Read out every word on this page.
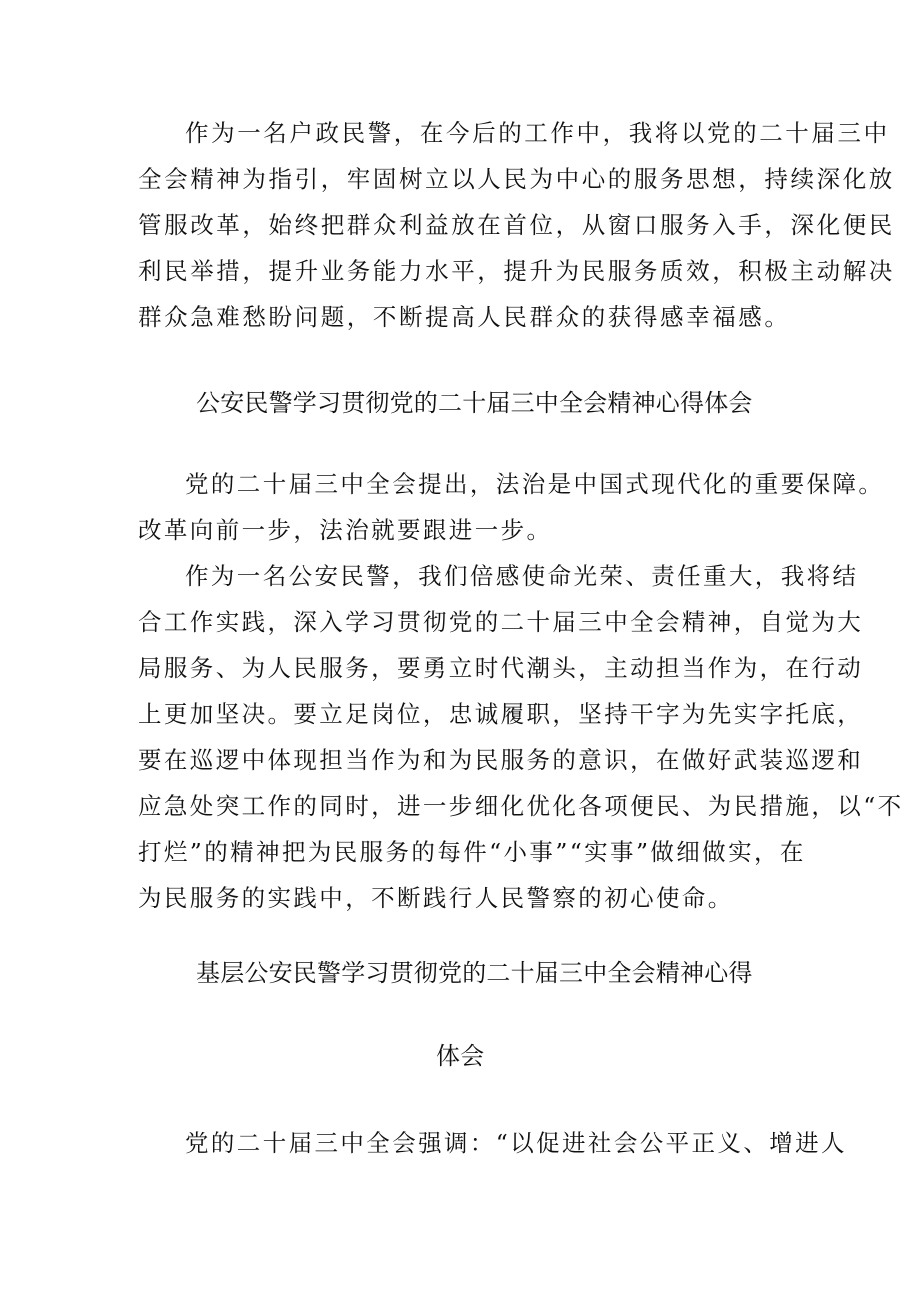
作为一名户政民警，在今后的工作中，我将以党的二十届三中
全会精神为指引，牢固树立以人民为中心的服务思想，持续深化放
管服改革，始终把群众利益放在首位，从窗口服务入手，深化便民
利民举措，提升业务能力水平，提升为民服务质效，积极主动解决
群众急难愁盼问题，不断提高人民群众的获得感幸福感。
公安民警学习贯彻党的二十届三中全会精神心得体会
党的二十届三中全会提出，法治是中国式现代化的重要保障。
改革向前一步，法治就要跟进一步。
作为一名公安民警，我们倍感使命光荣、责任重大，我将结
合工作实践，深入学习贯彻党的二十届三中全会精神，自觉为大
局服务、为人民服务，要勇立时代潮头，主动担当作为，在行动
上更加坚决。要立足岗位，忠诚履职，坚持干字为先实字托底，
要在巡逻中体现担当作为和为民服务的意识，在做好武装巡逻和
应急处突工作的同时，进一步细化优化各项便民、为民措施，以“不
打烂”的精神把为民服务的每件“小事”“实事”做细做实，在
为民服务的实践中，不断践行人民警察的初心使命。
基层公安民警学习贯彻党的二十届三中全会精神心得
体会
党的二十届三中全会强调：“以促进社会公平正义、增进人
